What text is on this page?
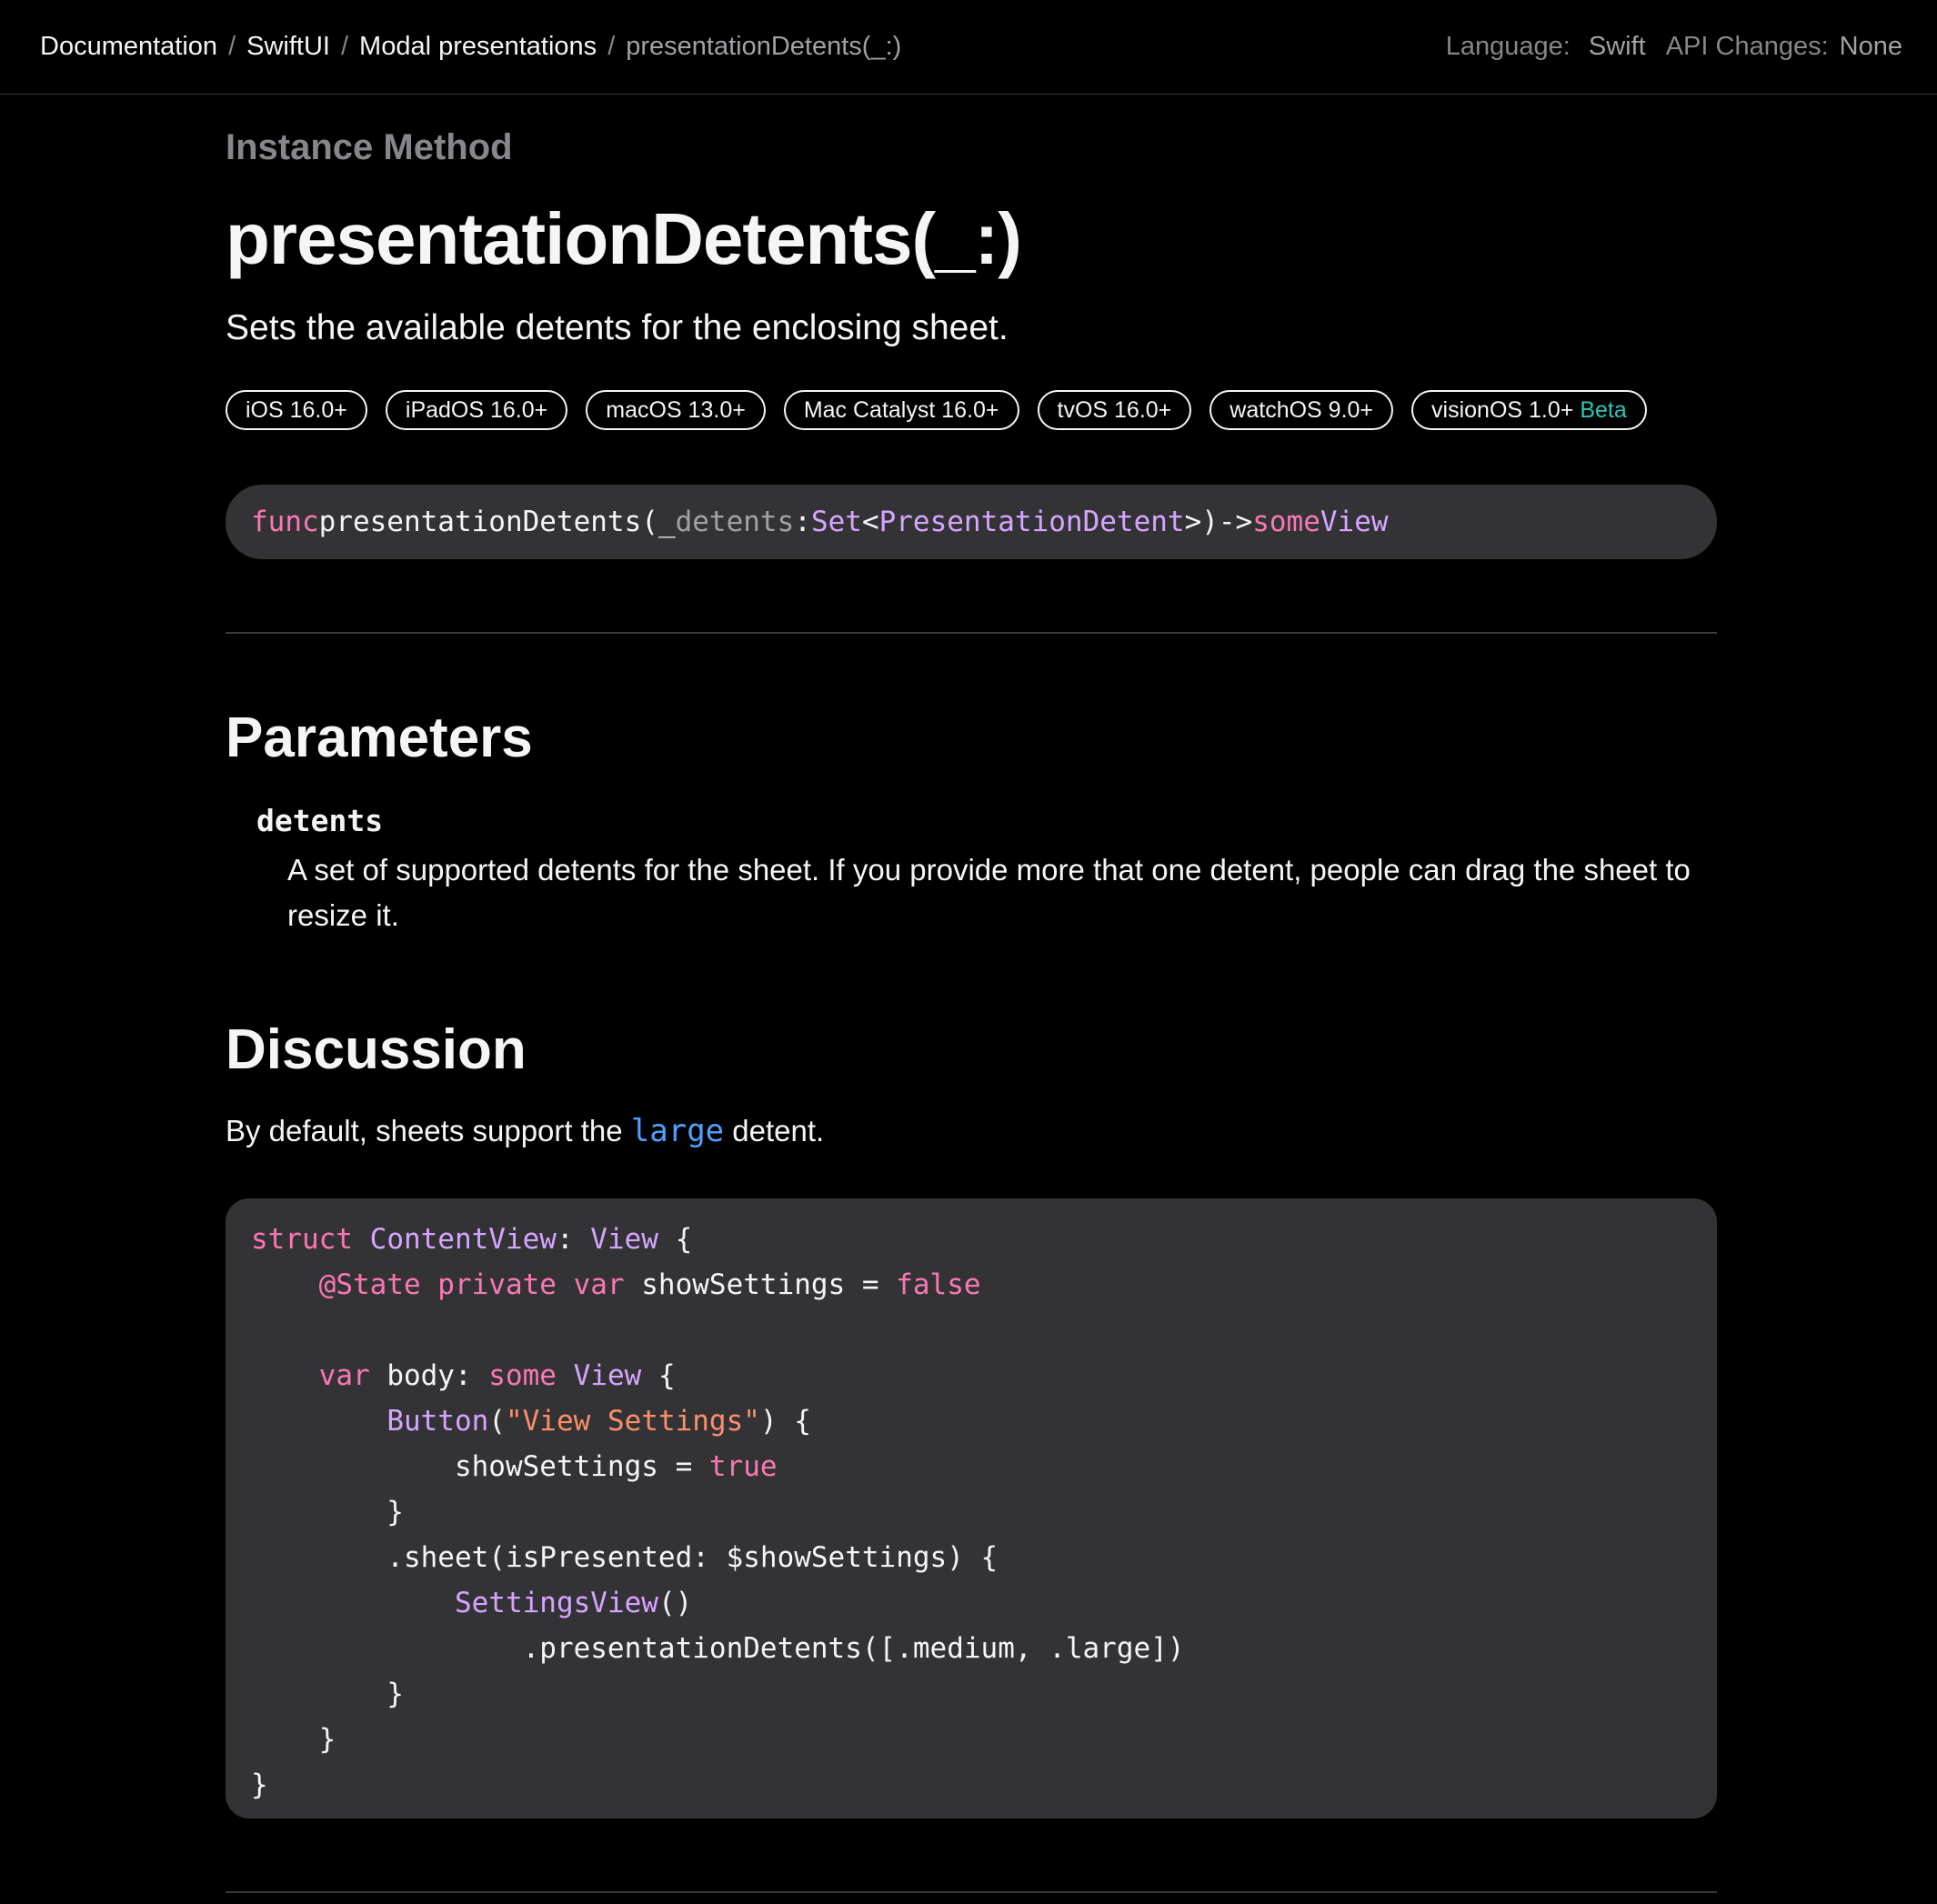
Documentation / SwiftUI / Modal presentations / presentationDetents(_:)	Language: Swift API Changes: None
Instance Method
presentationDetents(_:)
Sets the available detents for the enclosing sheet.
iOS 16.0+	iPadOS 16.0+	macOS 13.0+	Mac Catalyst 16.0+	tvOS 16.0+	watchOS 9.0+	visionOS 1.0+ Beta
func presentationDetents( _ detents : Set < PresentationDetent >) -> some View
Parameters
detents
A set of supported detents for the sheet. If you provide more that one detent, people can drag the sheet to resize it.
Discussion
By default, sheets support the large detent.
struct ContentView: View {
@State private var showSettings = false
var body: some View {
Button("View Settings") {
showSettings = true
}
.sheet(isPresented: $showSettings) {
SettingsView()
.presentationDetents([.medium, .large])
}
}
}
